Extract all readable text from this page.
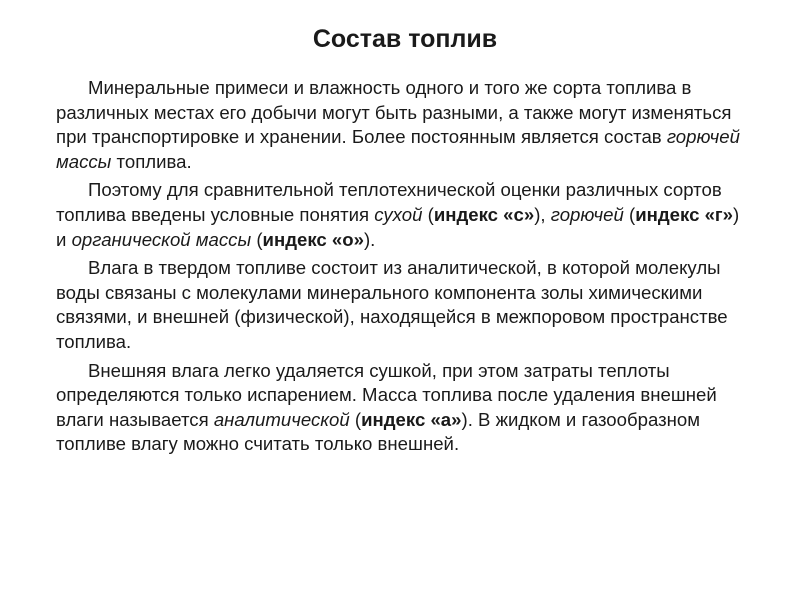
Состав топлив

Минеральные примеси и влажность одного и того же сорта топлива в различных местах его добычи могут быть разными, а также могут изменяться при транспортировке и хранении. Более постоянным является состав горючей массы топлива.

Поэтому для сравнительной теплотехнической оценки различных сортов топлива введены условные понятия сухой (индекс «с»), горючей (индекс «г») и органической массы (индекс «о»).

Влага в твердом топливе состоит из аналитической, в которой молекулы воды связаны с молекулами минерального компонента золы химическими связями, и внешней (физической), находящейся в межпоровом пространстве топлива.

Внешняя влага легко удаляется сушкой, при этом затраты теплоты определяются только испарением. Масса топлива после удаления внешней влаги называется аналитической (индекс «а»). В жидком и газообразном топливе влагу можно считать только внешней.
